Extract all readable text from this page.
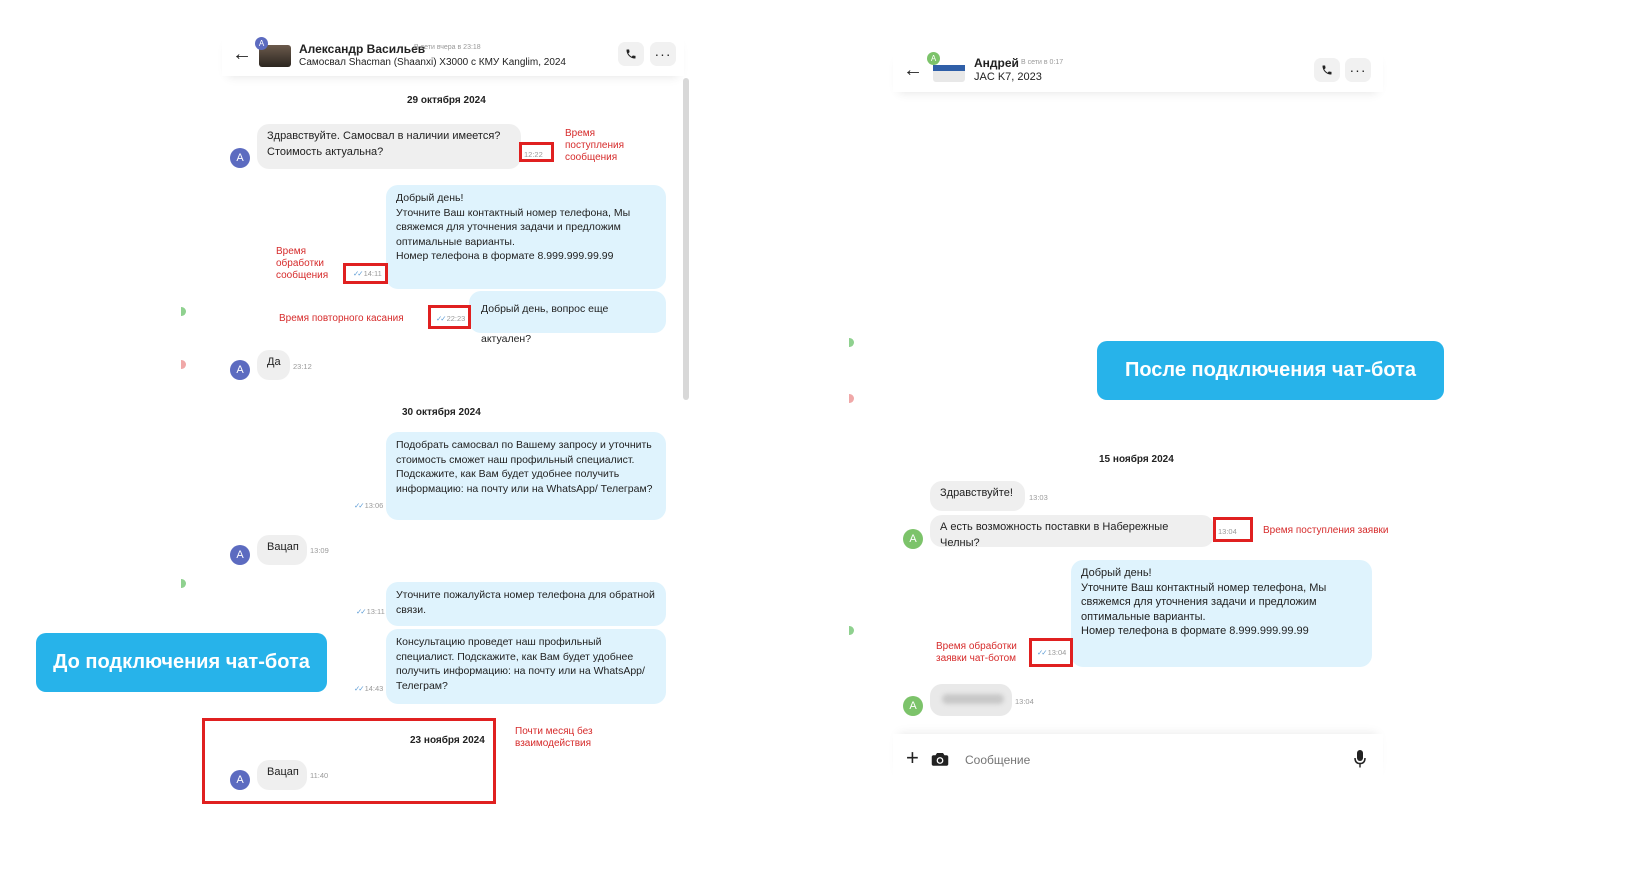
← А	Александр Васильев
В сети вчера в 23:18
Самосвал Shacman (Shaanxi) X3000 с КМУ Kanglim, 2024
···
29 октября 2024
А
Здравствуйте. Самосвал в наличии имеется? Стоимость актуальна?	12:22
Время
поступления
сообщения
Добрый день!
Уточните Ваш контактный номер телефона, Мы свяжемся для уточнения задачи и предложим оптимальные варианты.
Номер телефона в формате 8.999.999.99.99
✓✓ 14:11
Время
обработки
сообщения
Добрый день, вопрос еще актуален?
✓✓ 22:23
Время повторного касания
А
Да	23:12
30 октября 2024
Подобрать самосвал по Вашему запросу и уточнить стоимость сможет наш профильный специалист. Подскажите, как Вам будет удобнее получить информацию: на почту или на WhatsApp/ Телеграм?
✓✓ 13:06
А
Вацап	13:09
Уточните пожалуйста номер телефона для обратной связи.
✓✓ 13:11
Консультацию проведет наш профильный специалист. Подскажите, как Вам будет удобнее получить информацию: на почту или на WhatsApp/ Телеграм?
✓✓ 14:43
23 ноября 2024
А
Вацап	11:40
Почти месяц без
взаимодействия
До подключения чат-бота
←
А	Андрей В сети в 0:17
JAC K7, 2023	···
После подключения чат-бота
15 ноября 2024
Здравствуйте!	13:03
А
А есть возможность поставки в Набережные Челны?
13:04	Время поступления заявки
Добрый день!
Уточните Ваш контактный номер телефона, Мы свяжемся для уточнения задачи и предложим оптимальные варианты.
Номер телефона в формате 8.999.999.99.99
✓✓ 13:04
Время обработки
заявки чат-ботом
А	13:04
+
Сообщение
